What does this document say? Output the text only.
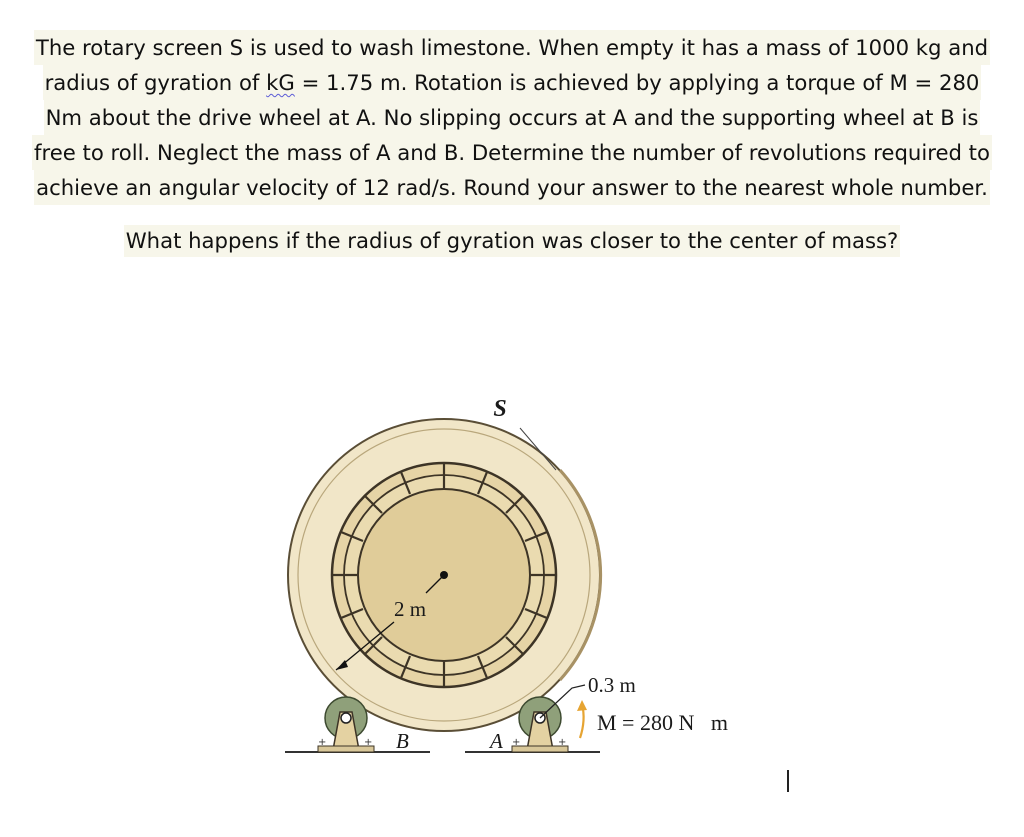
The rotary screen S is used to wash limestone. When empty it has a mass of 1000 kg and
radius of gyration of kG = 1.75 m. Rotation is achieved by applying a torque of M = 280
Nm about the drive wheel at A. No slipping occurs at A and the supporting wheel at B is
free to roll. Neglect the mass of A and B. Determine the number of revolutions required to
achieve an angular velocity of 12 rad/s. Round your answer to the nearest whole number.
What happens if the radius of gyration was closer to the center of mass?
S
2 m
+	+ B	+	+
A
0.3 m
M = 280 N   m
